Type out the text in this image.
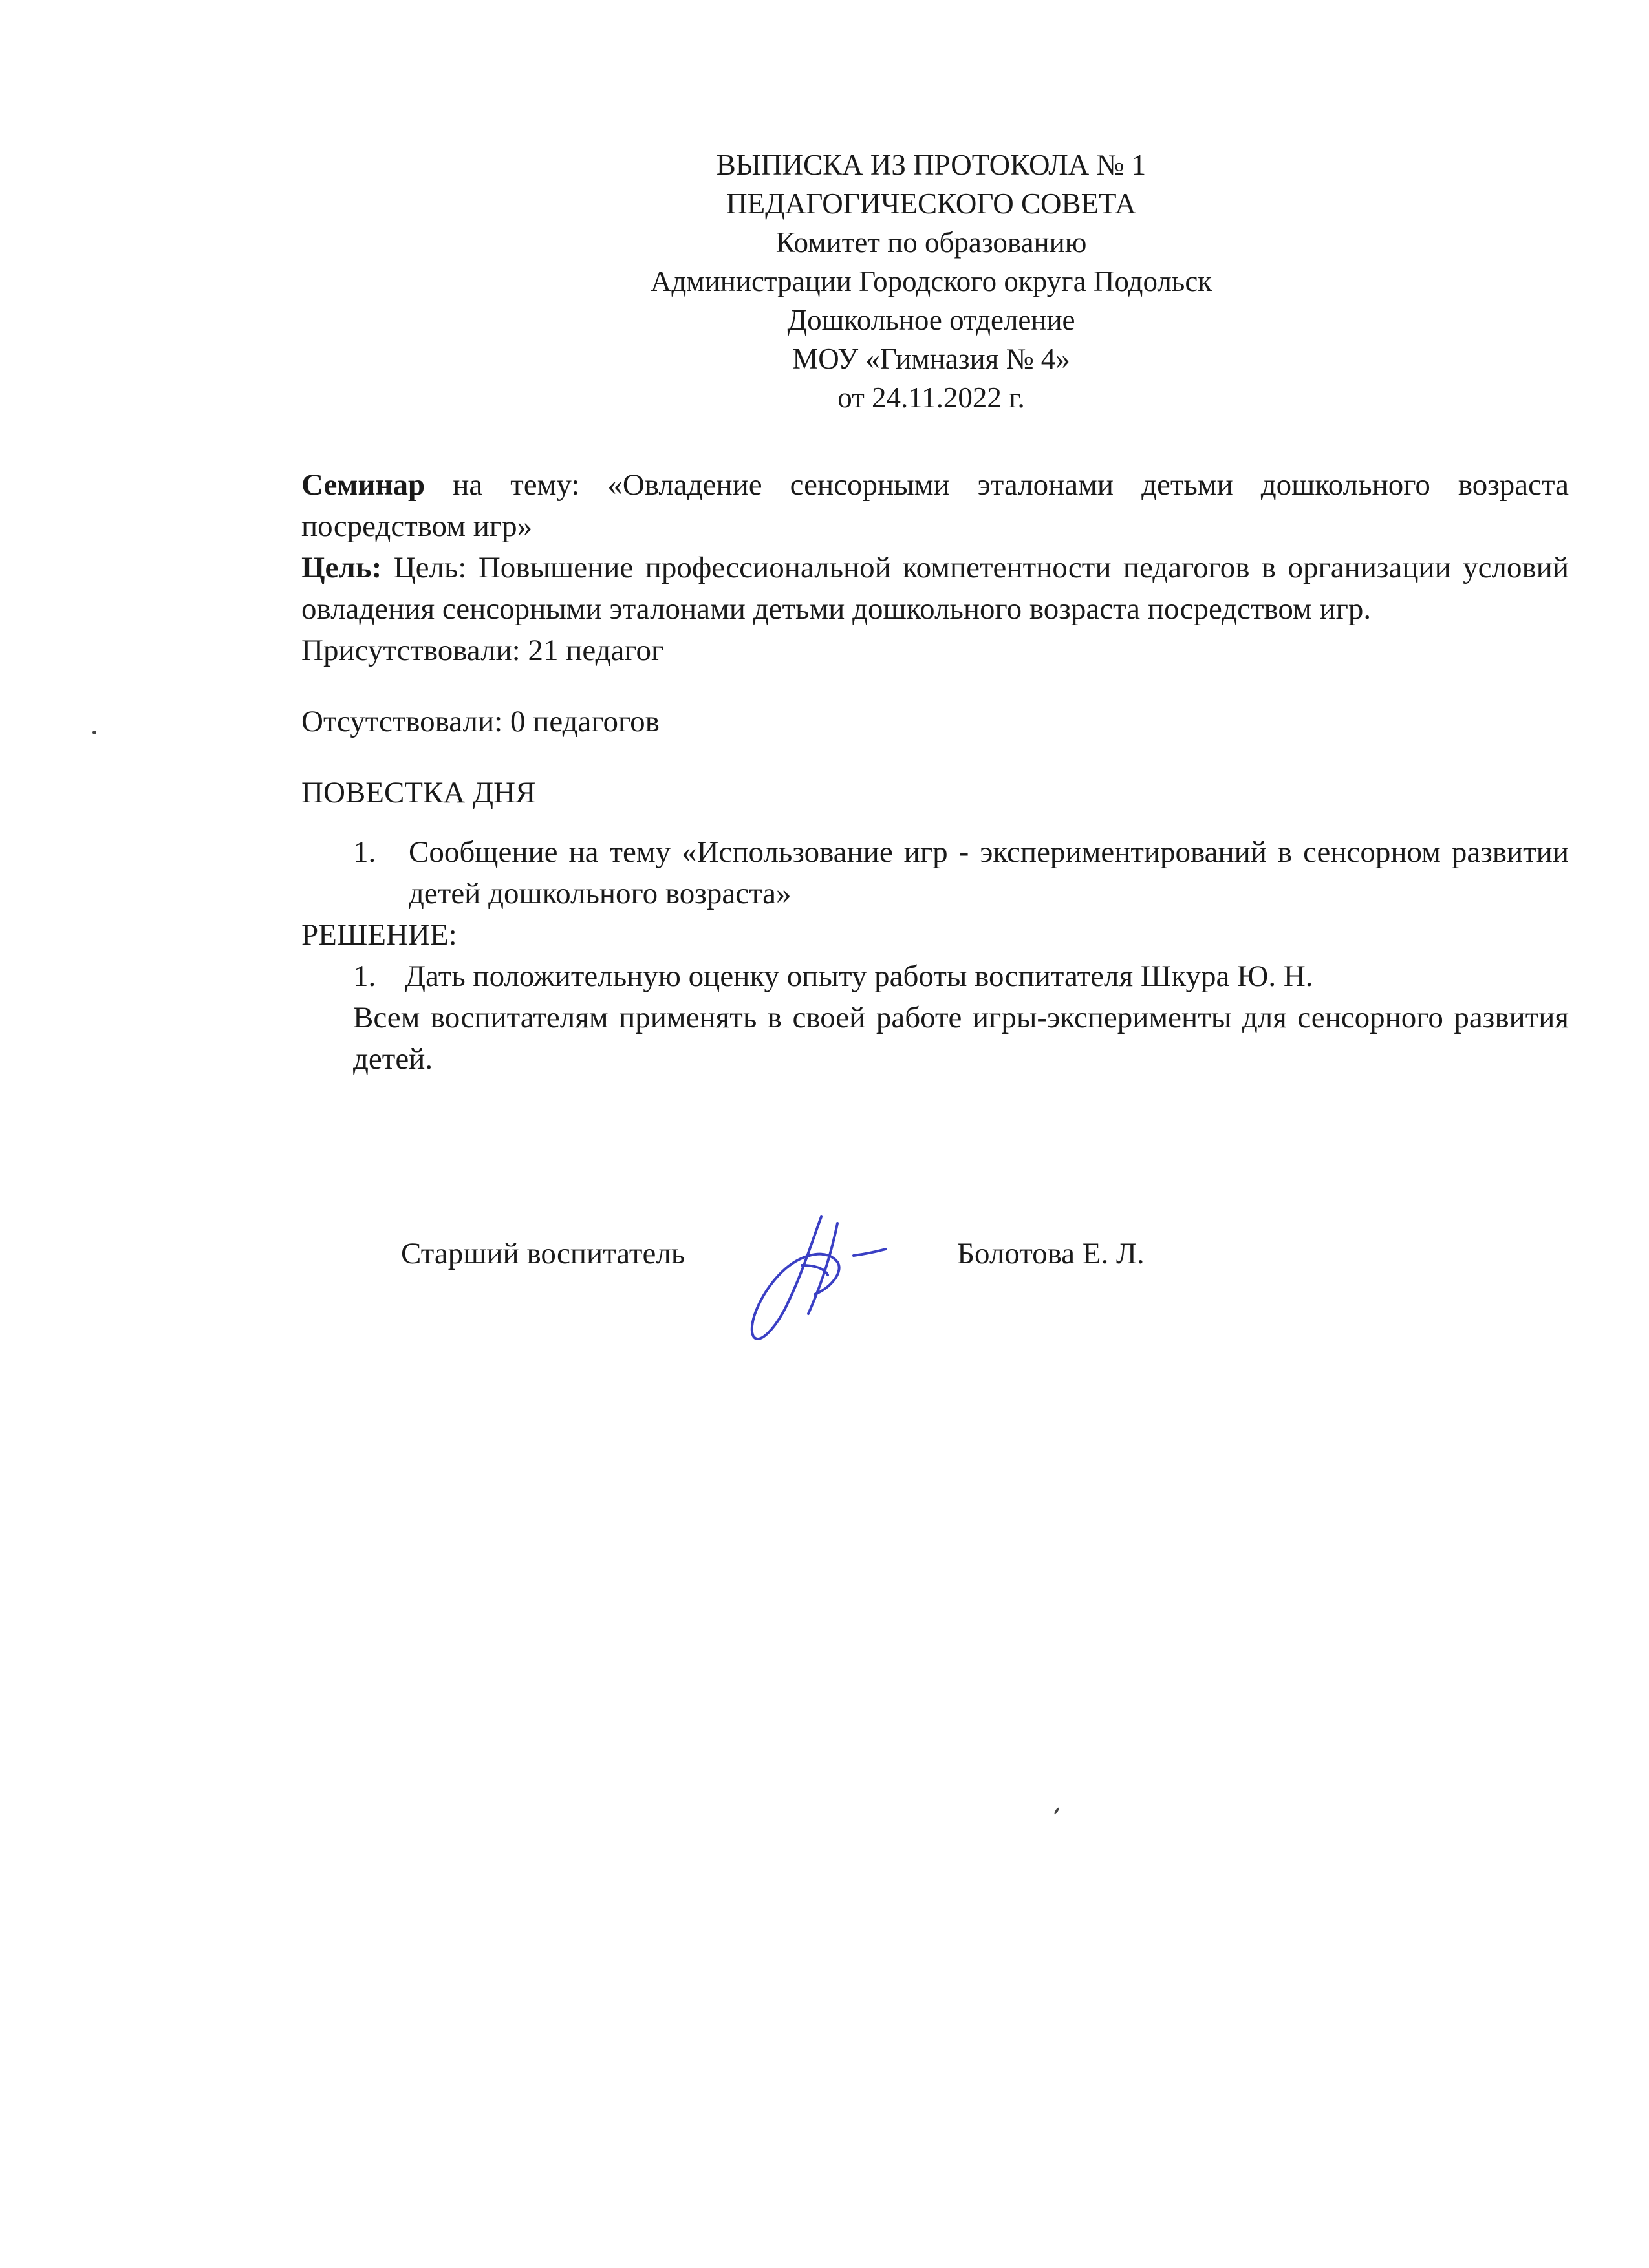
ВЫПИСКА ИЗ ПРОТОКОЛА № 1
ПЕДАГОГИЧЕСКОГО СОВЕТА
Комитет по образованию
Администрации Городского округа Подольск
Дошкольное отделение
МОУ «Гимназия № 4»
от 24.11.2022 г.

Семинар на тему: «Овладение сенсорными эталонами детьми дошкольного возраста посредством игр»

Цель: Цель: Повышение профессиональной компетентности педагогов в организации условий овладения сенсорными эталонами детьми дошкольного возраста посредством игр.

Присутствовали: 21 педагог

Отсутствовали: 0 педагогов

ПОВЕСТКА ДНЯ

1. Сообщение на тему «Использование игр - экспериментирований в сенсорном развитии детей дошкольного возраста»

РЕШЕНИЕ:

1. Дать положительную оценку опыту работы воспитателя Шкура Ю. Н.

Всем воспитателям применять в своей работе игры-эксперименты для сенсорного развития детей.

Старший воспитатель	Болотова Е. Л.
